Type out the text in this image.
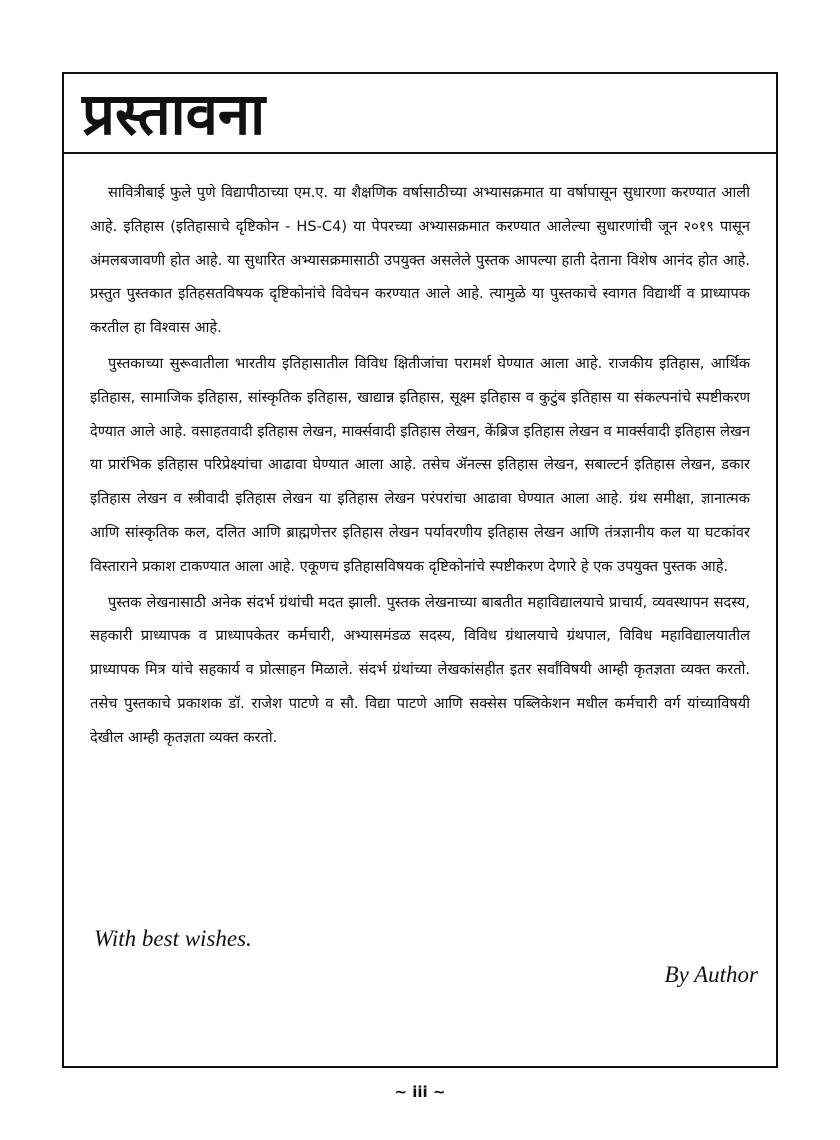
प्रस्तावना

सावित्रीबाई फुले पुणे विद्यापीठाच्या एम.ए. या शैक्षणिक वर्षासाठीच्या अभ्यासक्रमात या वर्षापासून सुधारणा करण्यात आली आहे. इतिहास (इतिहासाचे दृष्टिकोन - HS-C4) या पेपरच्या अभ्यासक्रमात करण्यात आलेल्या सुधारणांची जून २०१९ पासून अंमलबजावणी होत आहे. या सुधारित अभ्यासक्रमासाठी उपयुक्त असलेले पुस्तक आपल्या हाती देताना विशेष आनंद होत आहे. प्रस्तुत पुस्तकात इतिहसतविषयक दृष्टिकोनांचे विवेचन करण्यात आले आहे. त्यामुळे या पुस्तकाचे स्वागत विद्यार्थी व प्राध्यापक करतील हा विश्वास आहे.

पुस्तकाच्या सुरूवातीला भारतीय इतिहासातील विविध क्षितीजांचा परामर्श घेण्यात आला आहे. राजकीय इतिहास, आर्थिक इतिहास, सामाजिक इतिहास, सांस्कृतिक इतिहास, खाद्यान्न इतिहास, सूक्ष्म इतिहास व कुटुंब इतिहास या संकल्पनांचे स्पष्टीकरण देण्यात आले आहे. वसाहतवादी इतिहास लेखन, मार्क्सवादी इतिहास लेखन, केंब्रिज इतिहास लेखन व मार्क्सवादी इतिहास लेखन या प्रारंभिक इतिहास परिप्रेक्ष्यांचा आढावा घेण्यात आला आहे. तसेच ॲनल्स इतिहास लेखन, सबाल्टर्न इतिहास लेखन, डकार इतिहास लेखन व स्त्रीवादी इतिहास लेखन या इतिहास लेखन परंपरांचा आढावा घेण्यात आला आहे. ग्रंथ समीक्षा, ज्ञानात्मक आणि सांस्कृतिक कल, दलित आणि ब्राह्मणेत्तर इतिहास लेखन पर्यावरणीय इतिहास लेखन आणि तंत्रज्ञानीय कल या घटकांवर विस्ताराने प्रकाश टाकण्यात आला आहे. एकूणच इतिहासविषयक दृष्टिकोनांचे स्पष्टीकरण देणारे हे एक उपयुक्त पुस्तक आहे.

पुस्तक लेखनासाठी अनेक संदर्भ ग्रंथांची मदत झाली. पुस्तक लेखनाच्या बाबतीत महाविद्यालयाचे प्राचार्य, व्यवस्थापन सदस्य, सहकारी प्राध्यापक व प्राध्यापकेतर कर्मचारी, अभ्यासमंडळ सदस्य, विविध ग्रंथालयाचे ग्रंथपाल, विविध महाविद्यालयातील प्राध्यापक मित्र यांचे सहकार्य व प्रोत्साहन मिळाले. संदर्भ ग्रंथांच्या लेखकांसहीत इतर सर्वांविषयी आम्ही कृतज्ञता व्यक्त करतो. तसेच पुस्तकाचे प्रकाशक डॉ. राजेश पाटणे व सौ. विद्या पाटणे आणि सक्सेस पब्लिकेशन मधील कर्मचारी वर्ग यांच्याविषयी देखील आम्ही कृतज्ञता व्यक्त करतो.

With best wishes.

By Author

~ iii ~
